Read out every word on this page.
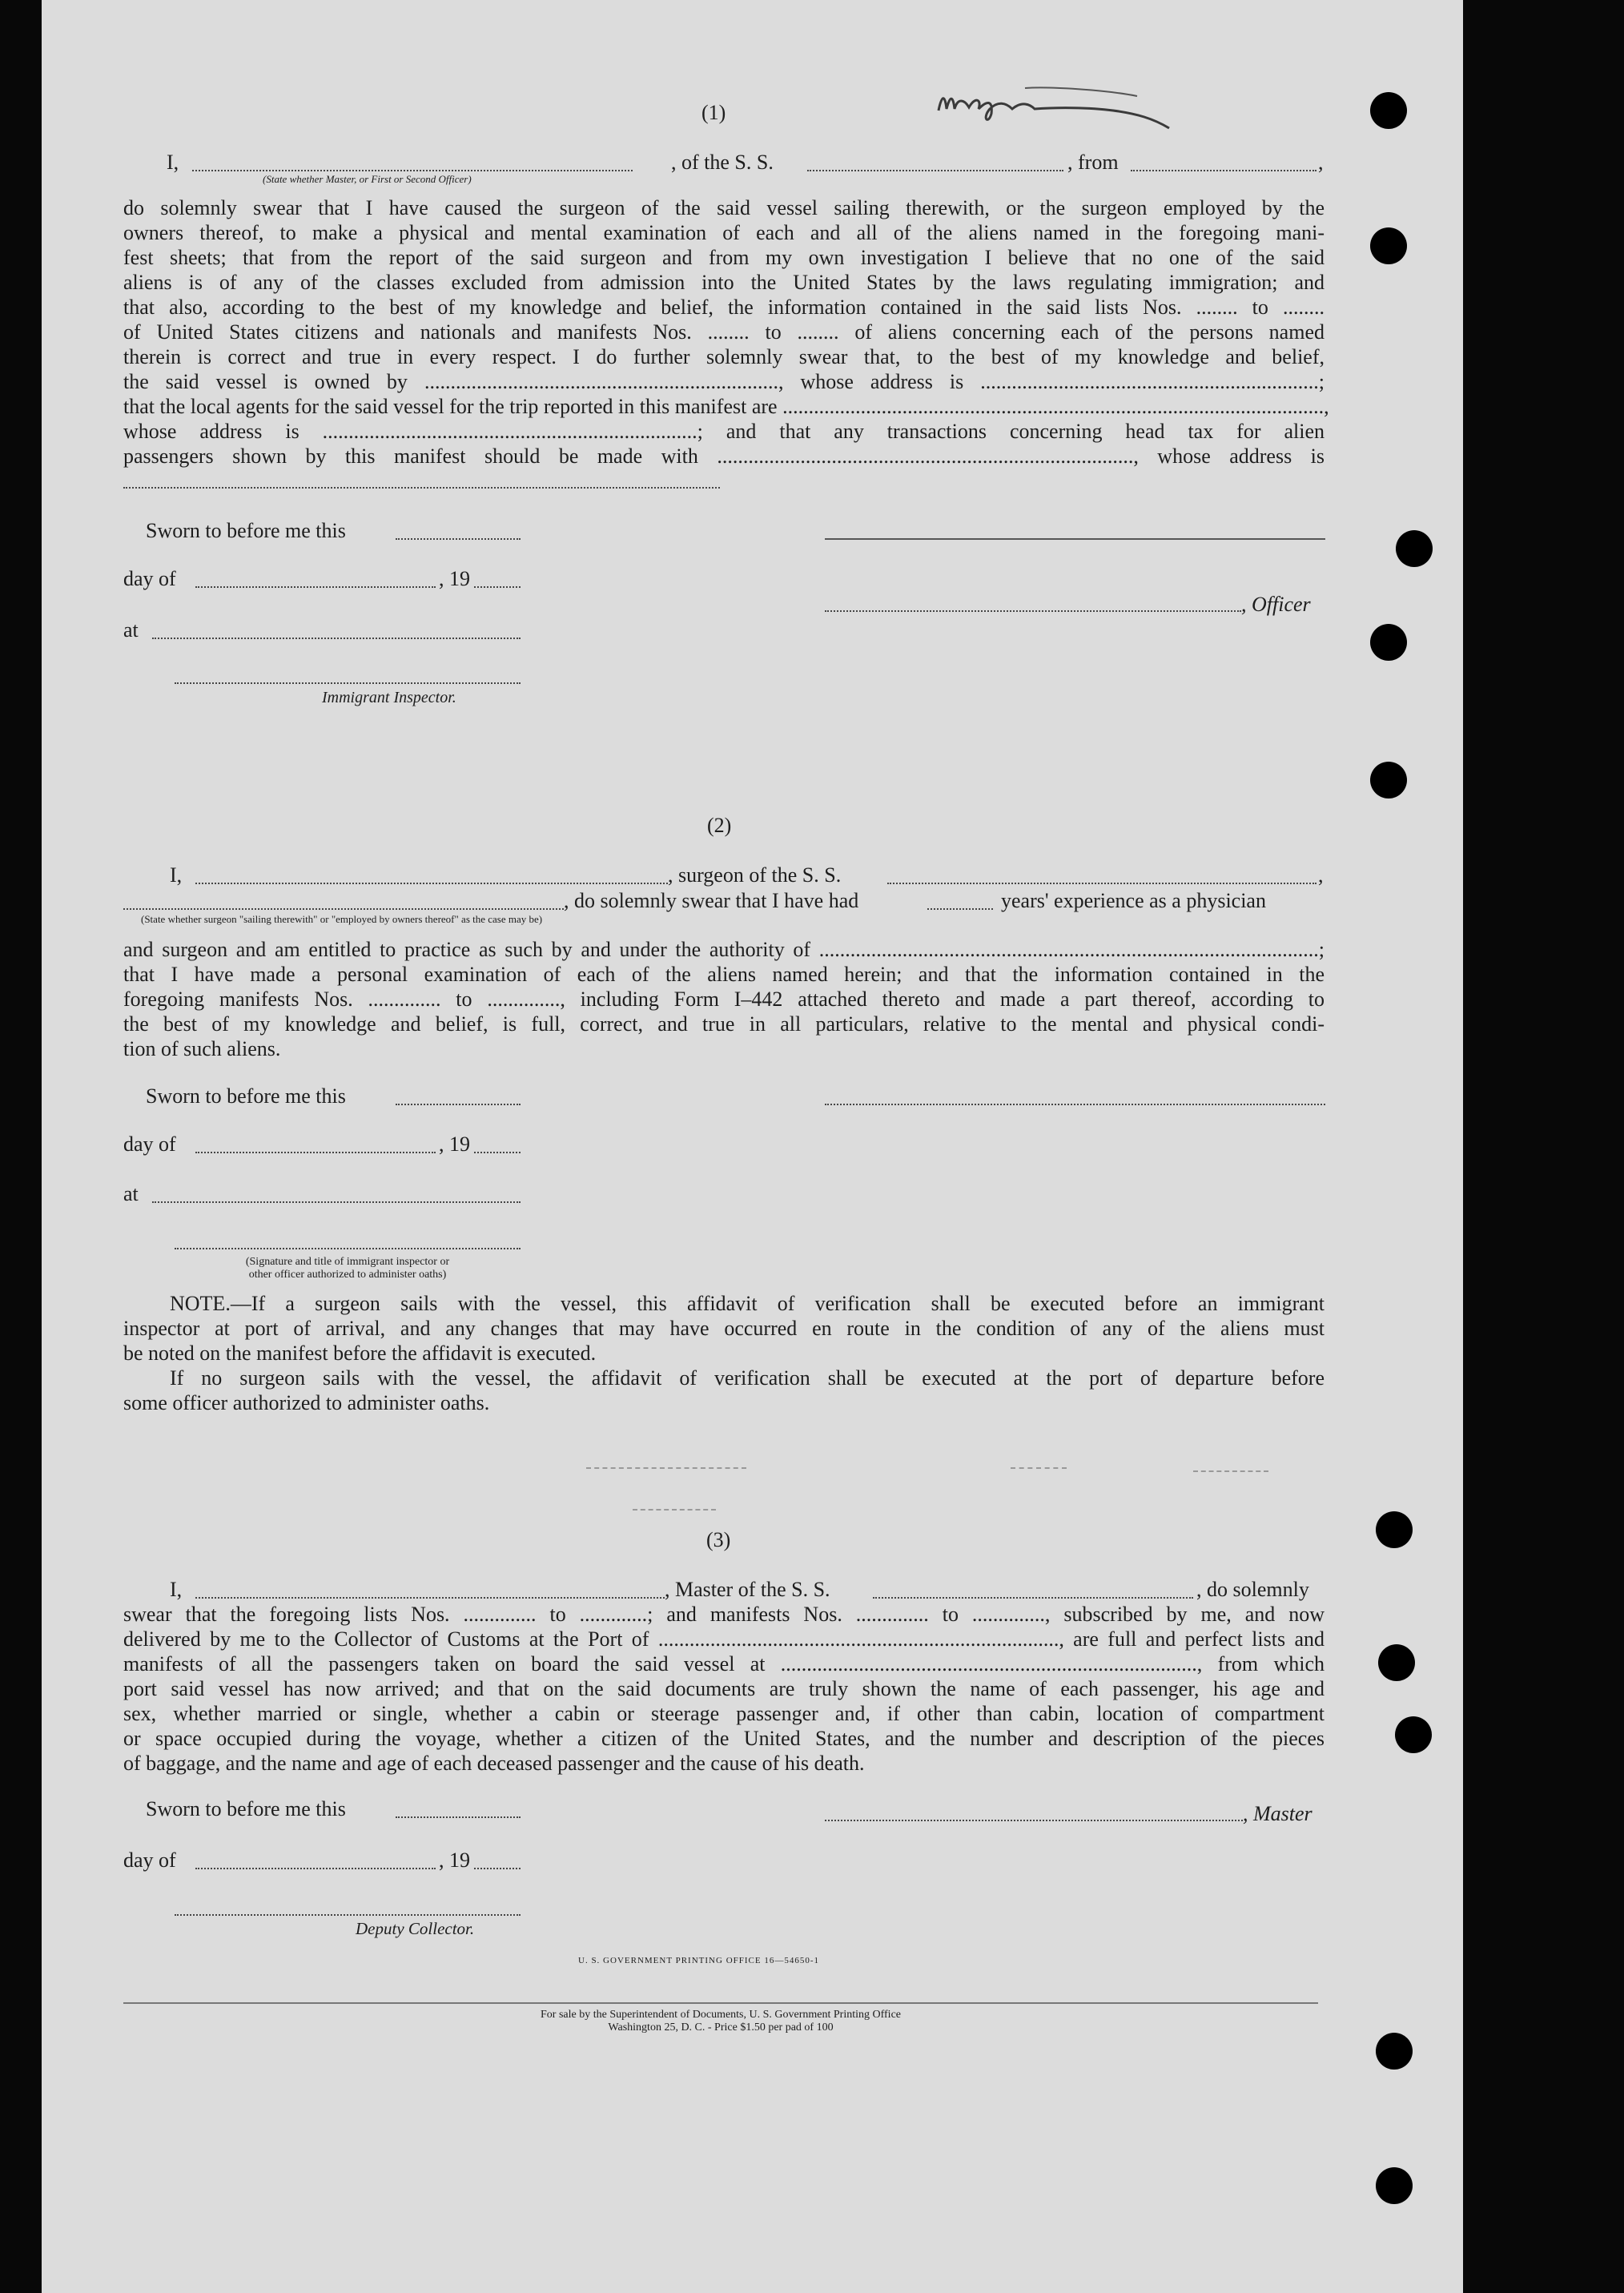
(1)
I,	, of the S. S.	, from	,
(State whether Master, or First or Second Officer)
do solemnly swear that I have caused the surgeon of the said vessel sailing therewith, or the surgeon employed by the
owners thereof, to make a physical and mental examination of each and all of the aliens named in the foregoing mani-
fest sheets; that from the report of the said surgeon and from my own investigation I believe that no one of the said
aliens is of any of the classes excluded from admission into the United States by the laws regulating immigration; and
that also, according to the best of my knowledge and belief, the information contained in the said lists Nos. ........ to ........
of United States citizens and nationals and manifests Nos. ........ to ........ of aliens concerning each of the persons named
therein is correct and true in every respect. I do further solemnly swear that, to the best of my knowledge and belief,
the said vessel is owned by ...................................................................., whose address is .................................................................;
that the local agents for the said vessel for the trip reported in this manifest are ........................................................................................................,
whose address is ........................................................................; and that any transactions concerning head tax for alien
passengers shown by this manifest should be made with ................................................................................, whose address is
Sworn to before me this
day of	, 19
, Officer
at
Immigrant Inspector.
(2)
I,	, surgeon of the S. S.	,
, do solemnly swear that I have had	years' experience as a physician
(State whether surgeon "sailing therewith" or "employed by owners thereof" as the case may be)
and surgeon and am entitled to practice as such by and under the authority of ................................................................................................;
that I have made a personal examination of each of the aliens named herein; and that the information contained in the
foregoing manifests Nos. .............. to .............., including Form I–442 attached thereto and made a part thereof, according to
the best of my knowledge and belief, is full, correct, and true in all particulars, relative to the mental and physical condi-
tion of such aliens.
Sworn to before me this
day of	, 19
at
(Signature and title of immigrant inspector or
other officer authorized to administer oaths)
NOTE.—If a surgeon sails with the vessel, this affidavit of verification shall be executed before an immigrant
inspector at port of arrival, and any changes that may have occurred en route in the condition of any of the aliens must
be noted on the manifest before the affidavit is executed.
If no surgeon sails with the vessel, the affidavit of verification shall be executed at the port of departure before
some officer authorized to administer oaths.
(3)
I,	, Master of the S. S.	, do solemnly
swear that the foregoing lists Nos. .............. to .............; and manifests Nos. .............. to .............., subscribed by me, and now
delivered by me to the Collector of Customs at the Port of ............................................................................., are full and perfect lists and
manifests of all the passengers taken on board the said vessel at ................................................................................, from which
port said vessel has now arrived; and that on the said documents are truly shown the name of each passenger, his age and
sex, whether married or single, whether a cabin or steerage passenger and, if other than cabin, location of compartment
or space occupied during the voyage, whether a citizen of the United States, and the number and description of the pieces
of baggage, and the name and age of each deceased passenger and the cause of his death.
Sworn to before me this	, Master
day of	, 19
Deputy Collector.
U. S. GOVERNMENT PRINTING OFFICE 16—54650-1
For sale by the Superintendent of Documents, U. S. Government Printing Office
Washington 25, D. C. - Price $1.50 per pad of 100
